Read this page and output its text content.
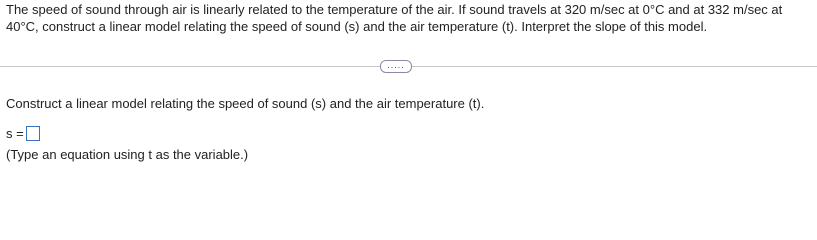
The speed of sound through air is linearly related to the temperature of the air. If sound travels at 320 m/sec at 0°C and at 332 m/sec at 40°C, construct a linear model relating the speed of sound (s) and the air temperature (t). Interpret the slope of this model.
.....
Construct a linear model relating the speed of sound (s) and the air temperature (t).
s =
(Type an equation using t as the variable.)
